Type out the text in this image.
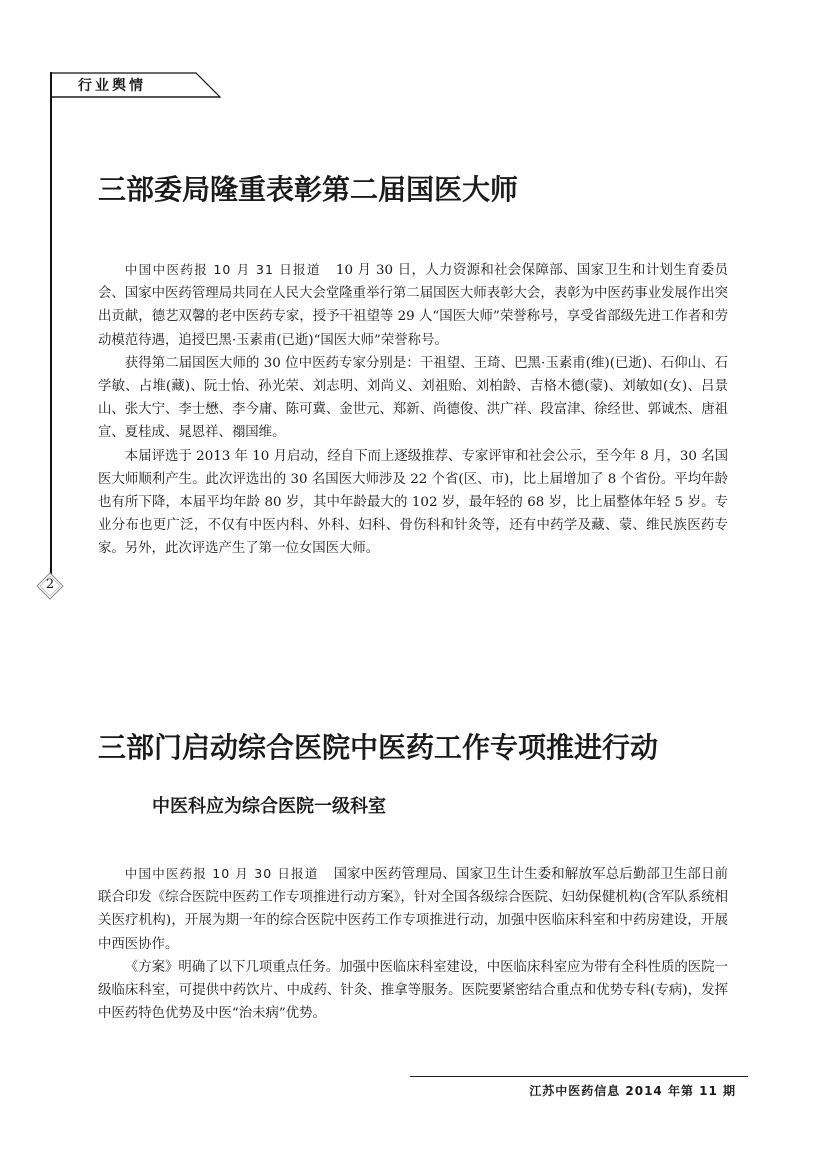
行业舆情
2
三部委局隆重表彰第二届国医大师

中国中医药报 10 月 31 日报道 10 月 30 日，人力资源和社会保障部、国家卫生和计划生育委员会、国家中医药管理局共同在人民大会堂隆重举行第二届国医大师表彰大会，表彰为中医药事业发展作出突出贡献，德艺双馨的老中医药专家，授予干祖望等 29 人“国医大师”荣誉称号，享受省部级先进工作者和劳动模范待遇，追授巴黑·玉素甫(已逝)“国医大师”荣誉称号。

获得第二届国医大师的 30 位中医药专家分别是：干祖望、王琦、巴黑·玉素甫(维)(已逝)、石仰山、石学敏、占堆(藏)、阮士怡、孙光荣、刘志明、刘尚义、刘祖贻、刘柏龄、吉格木德(蒙)、刘敏如(女)、吕景山、张大宁、李士懋、李今庸、陈可冀、金世元、郑新、尚德俊、洪广祥、段富津、徐经世、郭诚杰、唐祖宣、夏桂成、晁恩祥、禤国维。

本届评选于 2013 年 10 月启动，经自下而上逐级推荐、专家评审和社会公示，至今年 8 月，30 名国医大师顺利产生。此次评选出的 30 名国医大师涉及 22 个省(区、市)，比上届增加了 8 个省份。平均年龄也有所下降，本届平均年龄 80 岁，其中年龄最大的 102 岁，最年轻的 68 岁，比上届整体年轻 5 岁。专业分布也更广泛，不仅有中医内科、外科、妇科、骨伤科和针灸等，还有中药学及藏、蒙、维民族医药专家。另外，此次评选产生了第一位女国医大师。

三部门启动综合医院中医药工作专项推进行动
中医科应为综合医院一级科室

中国中医药报 10 月 30 日报道 国家中医药管理局、国家卫生计生委和解放军总后勤部卫生部日前联合印发《综合医院中医药工作专项推进行动方案》，针对全国各级综合医院、妇幼保健机构(含军队系统相关医疗机构)，开展为期一年的综合医院中医药工作专项推进行动，加强中医临床科室和中药房建设，开展中西医协作。

《方案》明确了以下几项重点任务。加强中医临床科室建设，中医临床科室应为带有全科性质的医院一级临床科室，可提供中药饮片、中成药、针灸、推拿等服务。医院要紧密结合重点和优势专科(专病)，发挥中医药特色优势及中医“治未病”优势。

江苏中医药信息 2014 年第 11 期
